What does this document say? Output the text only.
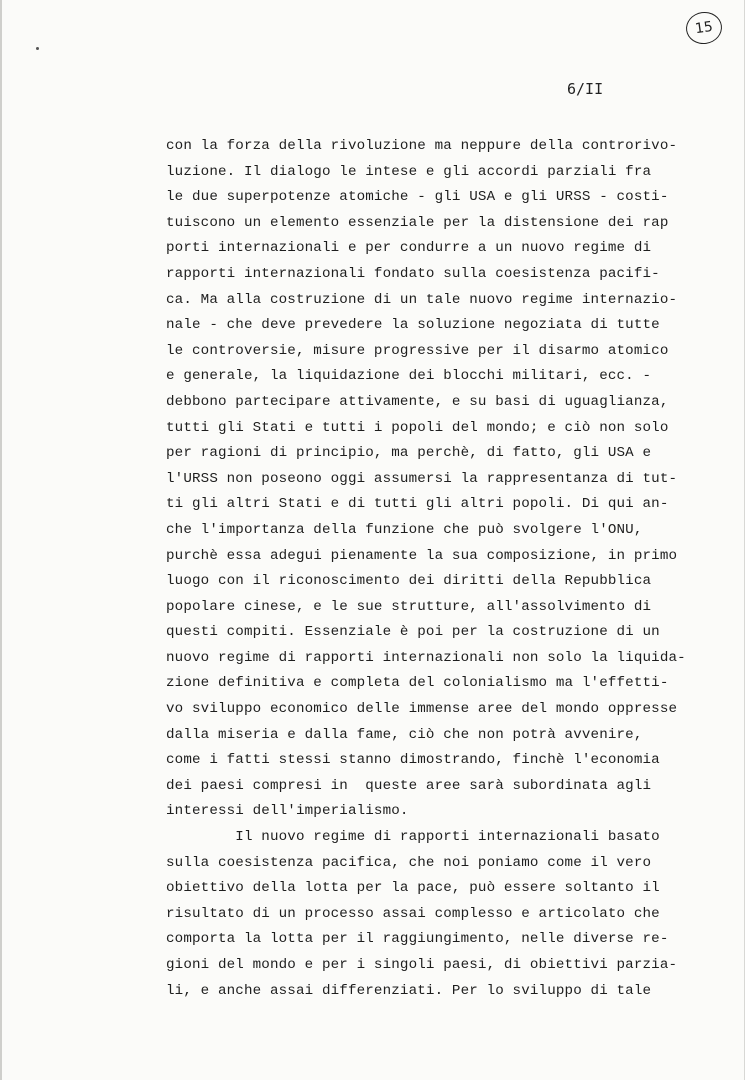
15
6/II
con la forza della rivoluzione ma neppure della controrivo-
luzione. Il dialogo le intese e gli accordi parziali fra
le due superpotenze atomiche - gli USA e gli URSS - costi-
tuiscono un elemento essenziale per la distensione dei rap
porti internazionali e per condurre a un nuovo regime di
rapporti internazionali fondato sulla coesistenza pacifi-
ca. Ma alla costruzione di un tale nuovo regime internazio-
nale - che deve prevedere la soluzione negoziata di tutte
le controversie, misure progressive per il disarmo atomico
e generale, la liquidazione dei blocchi militari, ecc. -
debbono partecipare attivamente, e su basi di uguaglianza,
tutti gli Stati e tutti i popoli del mondo; e ciò non solo
per ragioni di principio, ma perchè, di fatto, gli USA e
l'URSS non poseono oggi assumersi la rappresentanza di tut-
ti gli altri Stati e di tutti gli altri popoli. Di qui an-
che l'importanza della funzione che può svolgere l'ONU,
purchè essa adegui pienamente la sua composizione, in primo
luogo con il riconoscimento dei diritti della Repubblica
popolare cinese, e le sue strutture, all'assolvimento di
questi compiti. Essenziale è poi per la costruzione di un
nuovo regime di rapporti internazionali non solo la liquida-
zione definitiva e completa del colonialismo ma l'effetti-
vo sviluppo economico delle immense aree del mondo oppresse
dalla miseria e dalla fame, ciò che non potrà avvenire,
come i fatti stessi stanno dimostrando, finchè l'economia
dei paesi compresi in  queste aree sarà subordinata agli
interessi dell'imperialismo.
Il nuovo regime di rapporti internazionali basato
sulla coesistenza pacifica, che noi poniamo come il vero
obiettivo della lotta per la pace, può essere soltanto il
risultato di un processo assai complesso e articolato che
comporta la lotta per il raggiungimento, nelle diverse re-
gioni del mondo e per i singoli paesi, di obiettivi parzia-
li, e anche assai differenziati. Per lo sviluppo di tale
